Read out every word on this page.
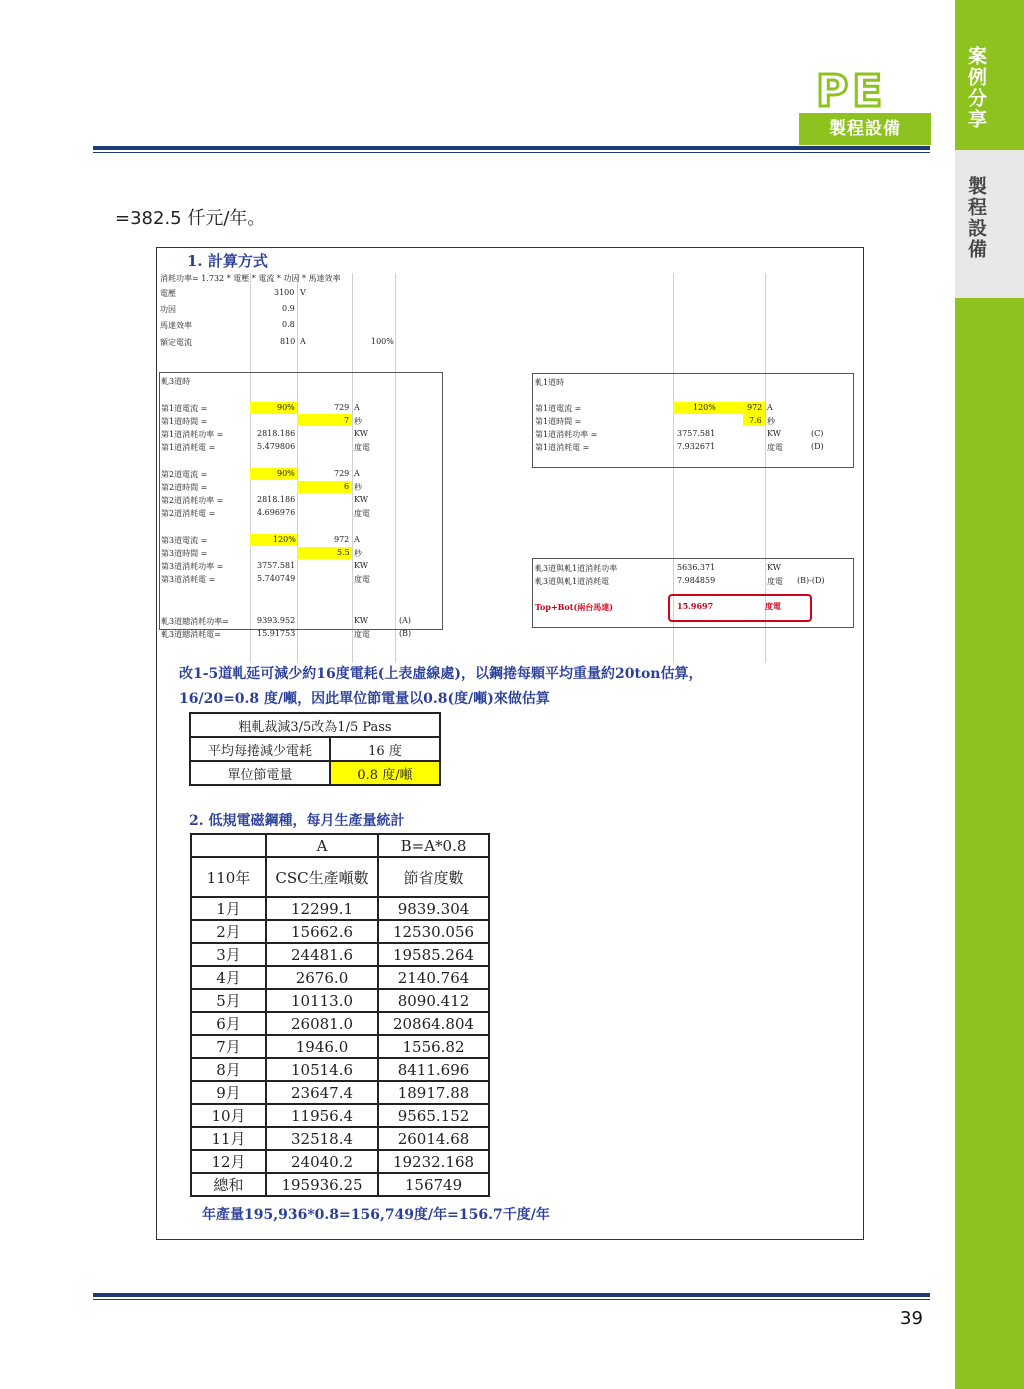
案例分享
製程設備
PE
製程設備
=382.5 仟元/年。
1. 計算方式
消耗功率= 1.732 * 電壓 * 電流 * 功因 * 馬達效率
電壓	3100 V
功因	0.9
馬達效率	0.8
額定電流	810 A	100%
軋3道時
第1道電流 =	90%	729 A
第1道時間 =	7 秒
第1道消耗功率 =	2818.186	KW
第1道消耗電 =	5.479806	度電
第2道電流 =	90%	729 A
第2道時間 =	6 秒
第2道消耗功率 =	2818.186	KW
第2道消耗電 =	4.696976	度電
第3道電流 =	120%	972 A
第3道時間 =	5.5 秒
第3道消耗功率 =	3757.581	KW
第3道消耗電 =	5.740749	度電
軋3道總消耗功率=	9393.952	KW	(A)
軋3道總消耗電=	15.91753	度電	(B)
軋1道時
第1道電流 =	120%	972 A
第1道時間 =	7.6 秒
第1道消耗功率 =	3757.581	KW	(C)
第1道消耗電 =	7.932671	度電	(D)
軋3道與軋1道消耗功率	5636.371	KW
軋3道與軋1道消耗電	7.984859	度電 (B)-(D)
Top+Bot(兩台馬達)	15.9697	度電
改1-5道軋延可減少約16度電耗(上表虛線處)，以鋼捲每顆平均重量約20ton估算，
16/20=0.8 度/噸，因此單位節電量以0.8(度/噸)來做估算
粗軋裁減3/5改為1/5 Pass	
平均每捲減少電耗	16 度
單位節電量	0.8 度/噸
2. 低規電磁鋼種，每月生產量統計
	A	B=A*0.8
110年	CSC生產噸數	節省度數
1月	12299.1	9839.304
2月	15662.6	12530.056
3月	24481.6	19585.264
4月	2676.0	2140.764
5月	10113.0	8090.412
6月	26081.0	20864.804
7月	1946.0	1556.82
8月	10514.6	8411.696
9月	23647.4	18917.88
10月	11956.4	9565.152
11月	32518.4	26014.68
12月	24040.2	19232.168
總和	195936.25	156749
年產量195,936*0.8=156,749度/年=156.7千度/年
39
